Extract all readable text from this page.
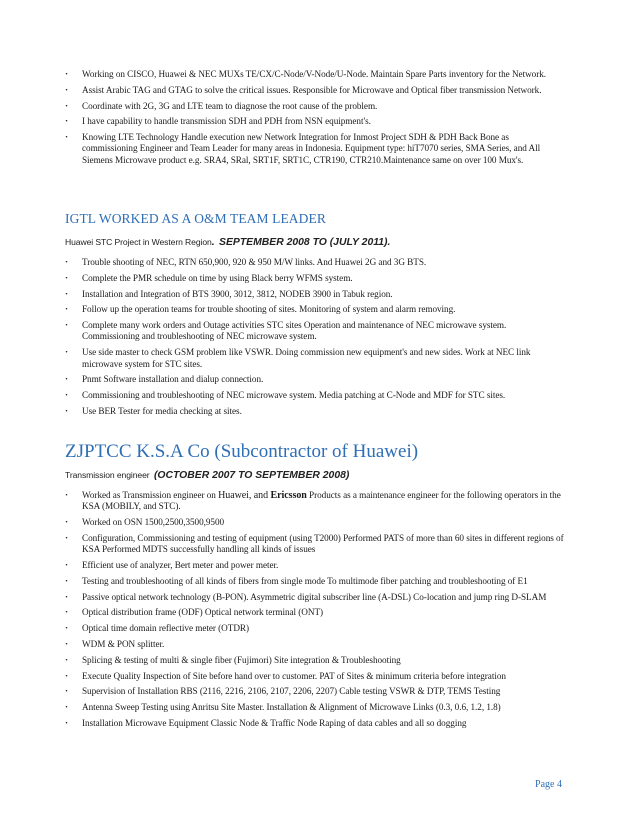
· Working on CISCO, Huawei & NEC MUXs TE/CX/C-Node/V-Node/U-Node. Maintain Spare Parts inventory for the Network.
· Assist Arabic TAG and GTAG to solve the critical issues. Responsible for Microwave and Optical fiber transmission Network.
· Coordinate with 2G, 3G and LTE team to diagnose the root cause of the problem.
· I have capability to handle transmission SDH and PDH from NSN equipment's.
· Knowing LTE Technology Handle execution new Network Integration for Inmost Project SDH & PDH Back Bone as commissioning Engineer and Team Leader for many areas in Indonesia. Equipment type: hiT7070 series, SMA Series, and All Siemens Microwave product e.g. SRA4, SRal, SRT1F, SRT1C, CTR190, CTR210.Maintenance same on over 100 Mux's.
IGTL WORKED AS A O&M TEAM LEADER
Huawei STC Project in Western Region. SEPTEMBER 2008 TO (JULY 2011).
· Trouble shooting of NEC, RTN 650,900, 920 & 950 M/W links. And Huawei 2G and 3G BTS.
· Complete the PMR schedule on time by using Black berry WFMS system.
· Installation and Integration of BTS 3900, 3012, 3812, NODEB 3900 in Tabuk region.
· Follow up the operation teams for trouble shooting of sites. Monitoring of system and alarm removing.
· Complete many work orders and Outage activities STC sites Operation and maintenance of NEC microwave system. Commissioning and troubleshooting of NEC microwave system.
· Use side master to check GSM problem like VSWR. Doing commission new equipment's and new sides. Work at NEC link microwave system for STC sites.
· Pnmt Software installation and dialup connection.
· Commissioning and troubleshooting of NEC microwave system. Media patching at C-Node and MDF for STC sites.
· Use BER Tester for media checking at sites.
ZJPTCC K.S.A Co (Subcontractor of Huawei)
Transmission engineer (OCTOBER 2007 TO SEPTEMBER 2008)
· Worked as Transmission engineer on Huawei, and Ericsson Products as a maintenance engineer for the following operators in the KSA (MOBILY, and STC).
· Worked on OSN 1500,2500,3500,9500
· Configuration, Commissioning and testing of equipment (using T2000) Performed PATS of more than 60 sites in different regions of KSA Performed MDTS successfully handling all kinds of issues
· Efficient use of analyzer, Bert meter and power meter.
· Testing and troubleshooting of all kinds of fibers from single mode To multimode fiber patching and troubleshooting of E1
· Passive optical network technology (B-PON). Asymmetric digital subscriber line (A-DSL) Co-location and jump ring D-SLAM
· Optical distribution frame (ODF) Optical network terminal (ONT)
· Optical time domain reflective meter (OTDR)
· WDM & PON splitter.
· Splicing & testing of multi & single fiber (Fujimori) Site integration & Troubleshooting
· Execute Quality Inspection of Site before hand over to customer. PAT of Sites & minimum criteria before integration
· Supervision of Installation RBS (2116, 2216, 2106, 2107, 2206, 2207) Cable testing VSWR & DTP, TEMS Testing
· Antenna Sweep Testing using Anritsu Site Master. Installation & Alignment of Microwave Links (0.3, 0.6, 1.2, 1.8)
· Installation Microwave Equipment Classic Node & Traffic Node Raping of data cables and all so dogging
Page 4
